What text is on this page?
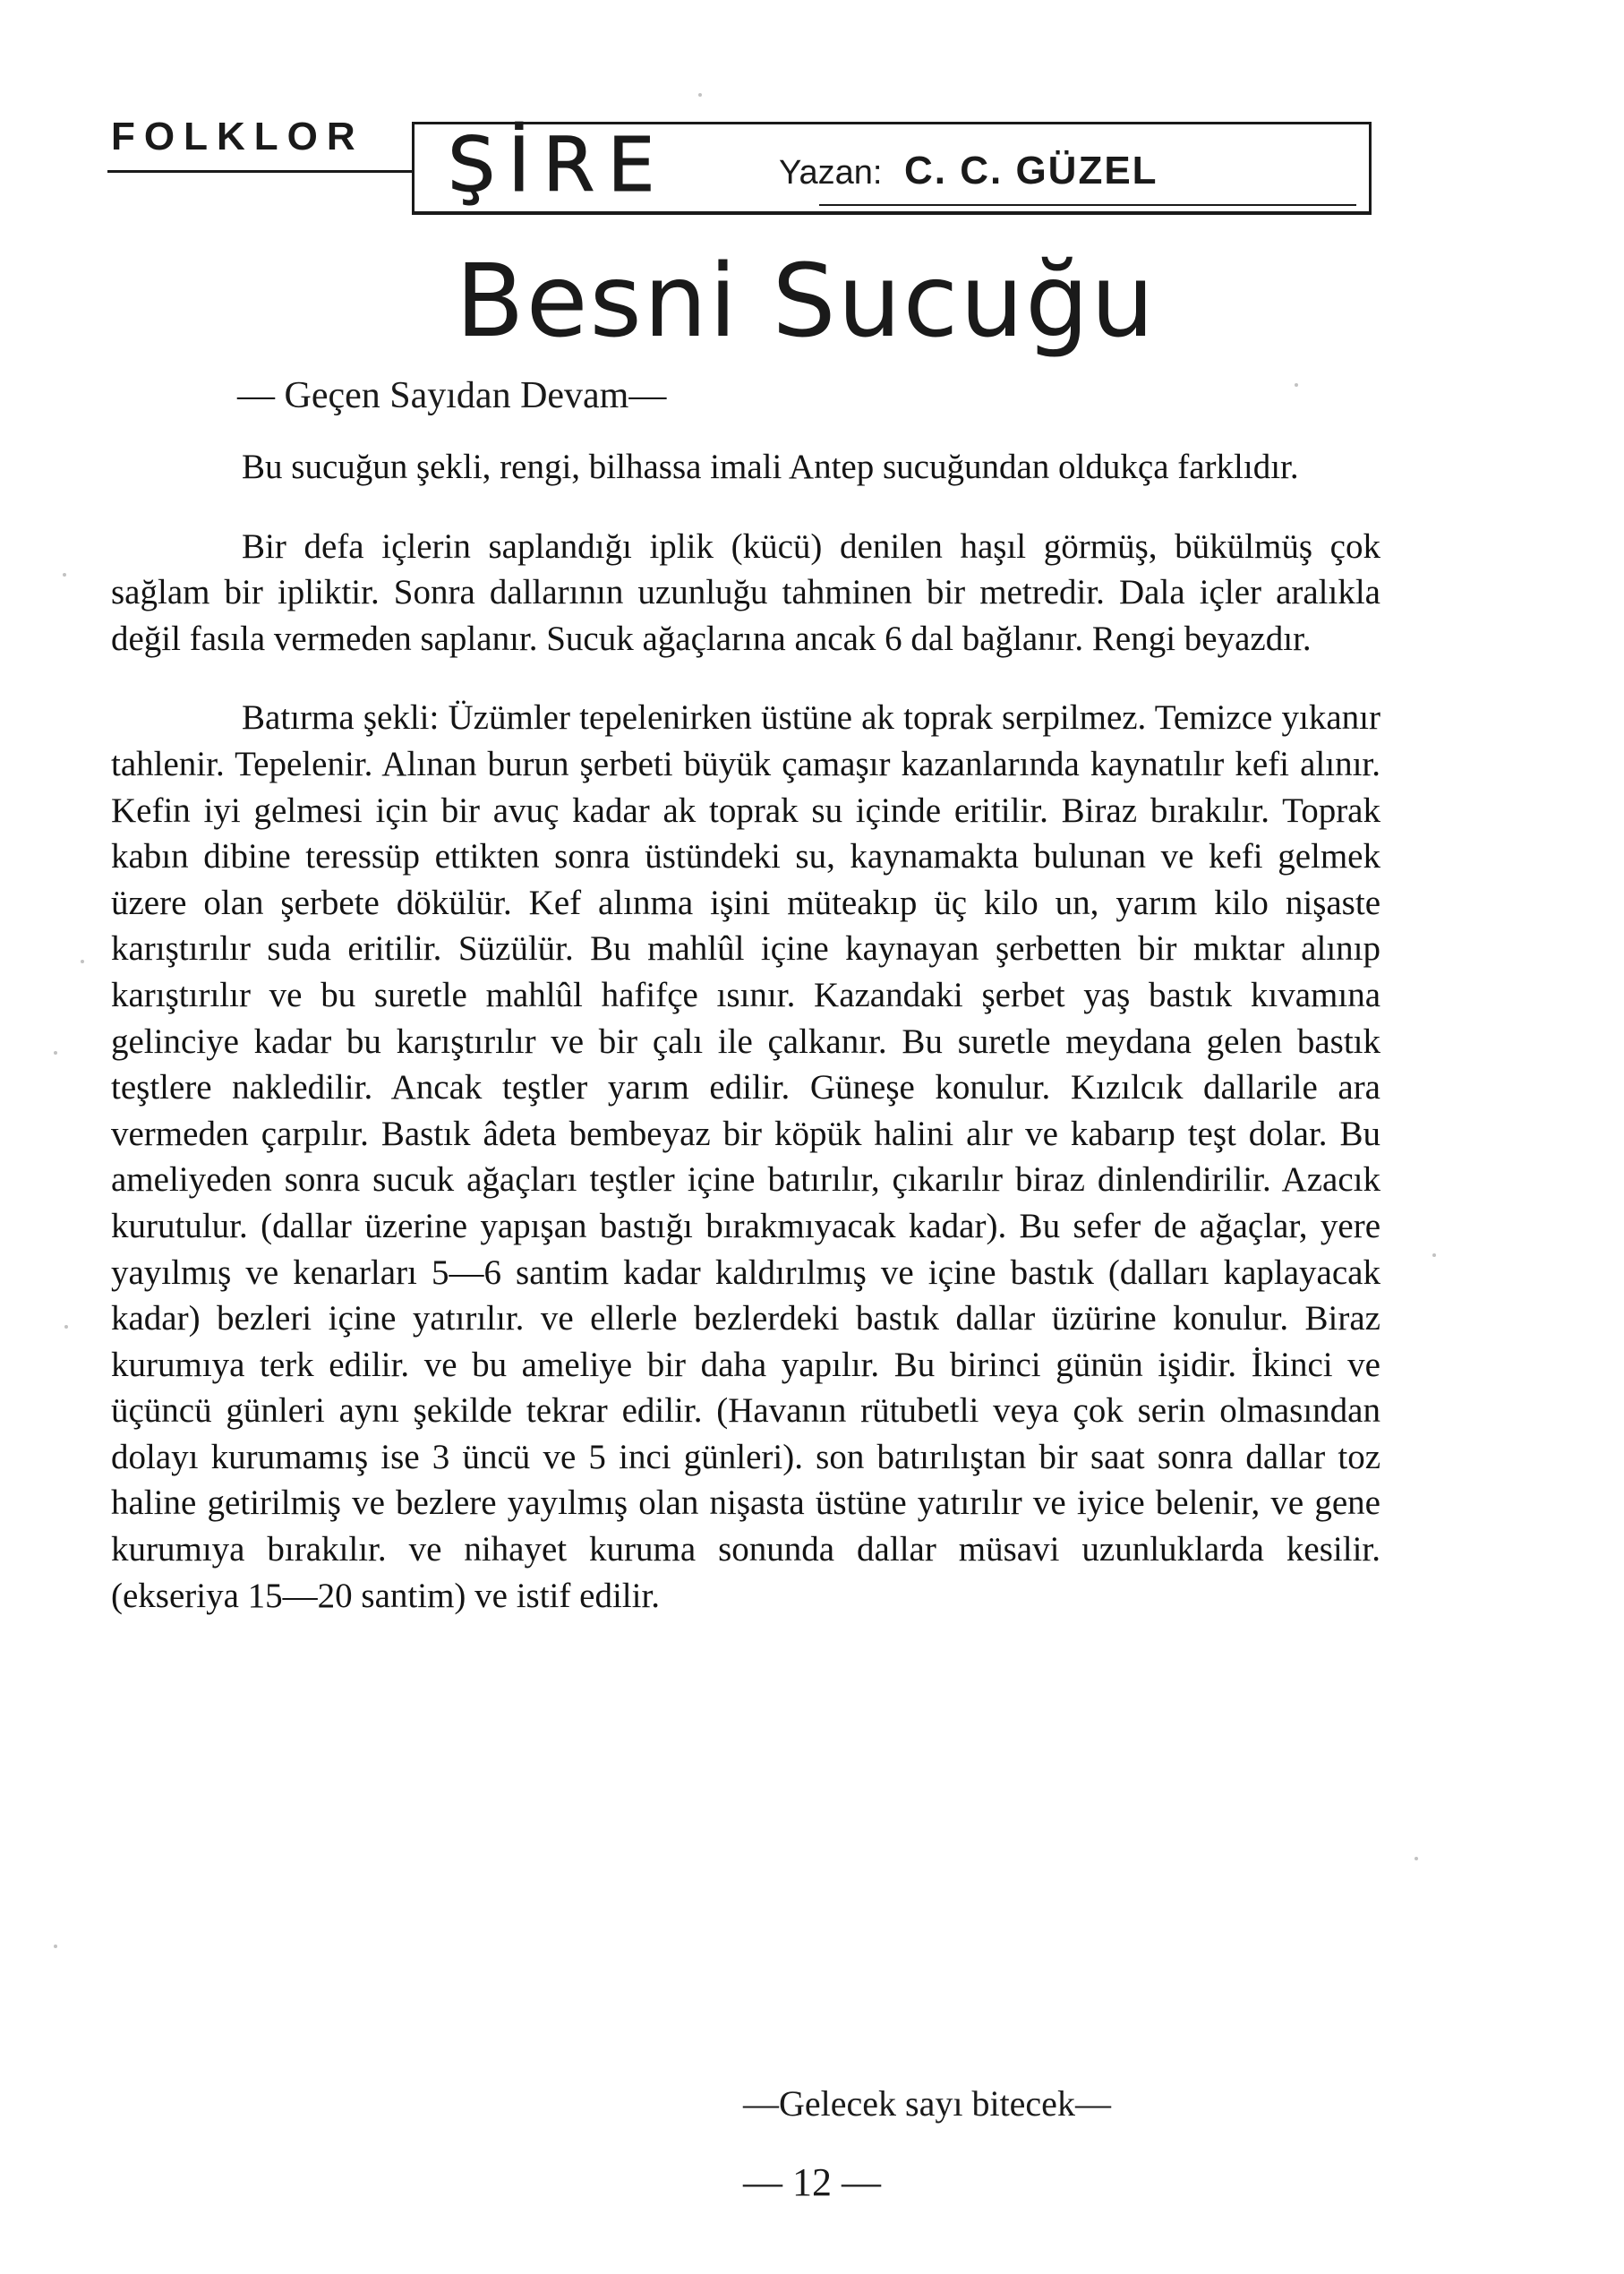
FOLKLOR ŞİRE	Yazan: C. C. GÜZEL
Besni Sucuğu
— Geçen Sayıdan Devam—

Bu sucuğun şekli, rengi, bilhassa imali Antep sucuğundan oldukça farklıdır.

Bir defa içlerin saplandığı iplik (kücü) denilen haşıl görmüş, bükülmüş çok sağlam bir ipliktir. Sonra dallarının uzunluğu tahminen bir metredir. Dala içler aralıkla değil fasıla vermeden saplanır. Sucuk ağaçlarına ancak 6 dal bağlanır. Rengi beyazdır.

Batırma şekli: Üzümler tepelenirken üstüne ak toprak serpilmez. Temizce yıkanır tahlenir. Tepelenir. Alınan burun şerbeti büyük çamaşır kazanlarında kaynatılır kefi alınır. Kefin iyi gelmesi için bir avuç kadar ak toprak su içinde eritilir. Biraz bırakılır. Toprak kabın dibine teressüp ettikten sonra üstündeki su, kaynamakta bulunan ve kefi gelmek üzere olan şerbete dökülür. Kef alınma işini müteakıp üç kilo un, yarım kilo nişaste karıştırılır suda eritilir. Süzülür. Bu mahlûl içine kaynayan şerbetten bir mıktar alınıp karıştırılır ve bu suretle mahlûl hafifçe ısınır. Kazandaki şerbet yaş bastık kıvamına gelinciye kadar bu karıştırılır ve bir çalı ile çalkanır. Bu suretle meydana gelen bastık teştlere nakledilir. Ancak teştler yarım edilir. Güneşe konulur. Kızılcık dallarile ara vermeden çarpılır. Bastık âdeta bembeyaz bir köpük halini alır ve kabarıp teşt dolar. Bu ameliyeden sonra sucuk ağaçları teştler içine batırılır, çıkarılır biraz dinlendirilir. Azacık kurutulur. (dallar üzerine yapışan bastığı bırakmıyacak kadar). Bu sefer de ağaçlar, yere yayılmış ve kenarları 5—6 santim kadar kaldırılmış ve içine bastık (dalları kaplayacak kadar) bezleri içine yatırılır. ve ellerle bezlerdeki bastık dallar üzürine konulur. Biraz kurumıya terk edilir. ve bu ameliye bir daha yapılır. Bu birinci günün işidir. İkinci ve üçüncü günleri aynı şekilde tekrar edilir. (Havanın rütubetli veya çok serin olmasından dolayı kurumamış ise 3 üncü ve 5 inci günleri). son batırılıştan bir saat sonra dallar toz haline getirilmiş ve bezlere yayılmış olan nişasta üstüne yatırılır ve iyice belenir, ve gene kurumıya bırakılır. ve nihayet kuruma sonunda dallar müsavi uzunluklarda kesilir. (ekseriya 15—20 santim) ve istif edilir.

—Gelecek sayı bitecek—
— 12 —
